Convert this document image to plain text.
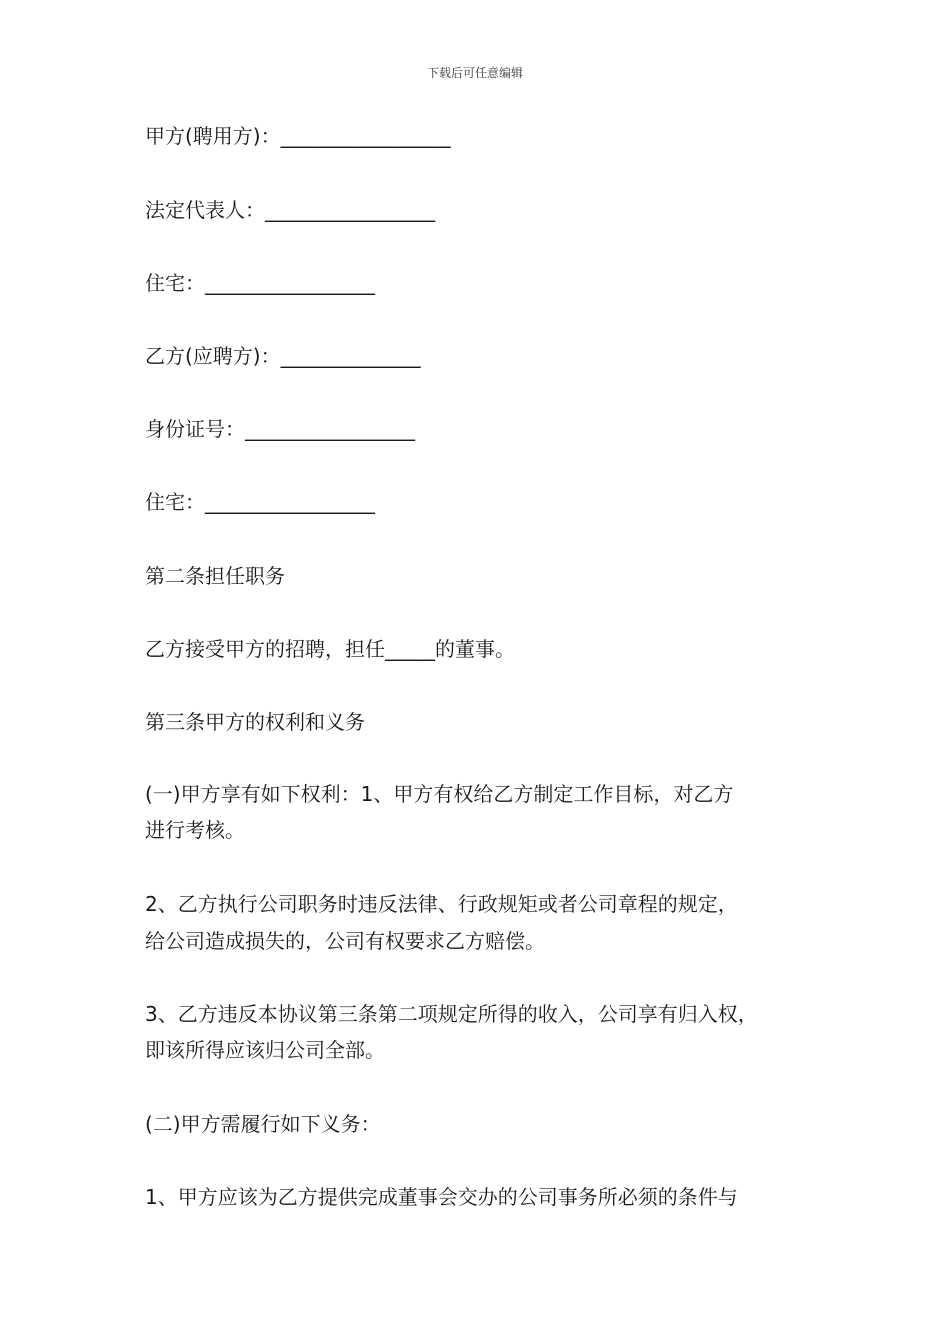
下载后可任意编辑
甲方(聘用方)：_________________
法定代表人：_________________
住宅：_________________
乙方(应聘方)：______________
身份证号：_________________
住宅：_________________
第二条担任职务
乙方接受甲方的招聘，担任_____的董事。
第三条甲方的权利和义务
(一)甲方享有如下权利：1、甲方有权给乙方制定工作目标，对乙方
进行考核。
2、乙方执行公司职务时违反法律、行政规矩或者公司章程的规定，
给公司造成损失的，公司有权要求乙方赔偿。
3、乙方违反本协议第三条第二项规定所得的收入，公司享有归入权，
即该所得应该归公司全部。
(二)甲方需履行如下义务：
1、甲方应该为乙方提供完成董事会交办的公司事务所必须的条件与
